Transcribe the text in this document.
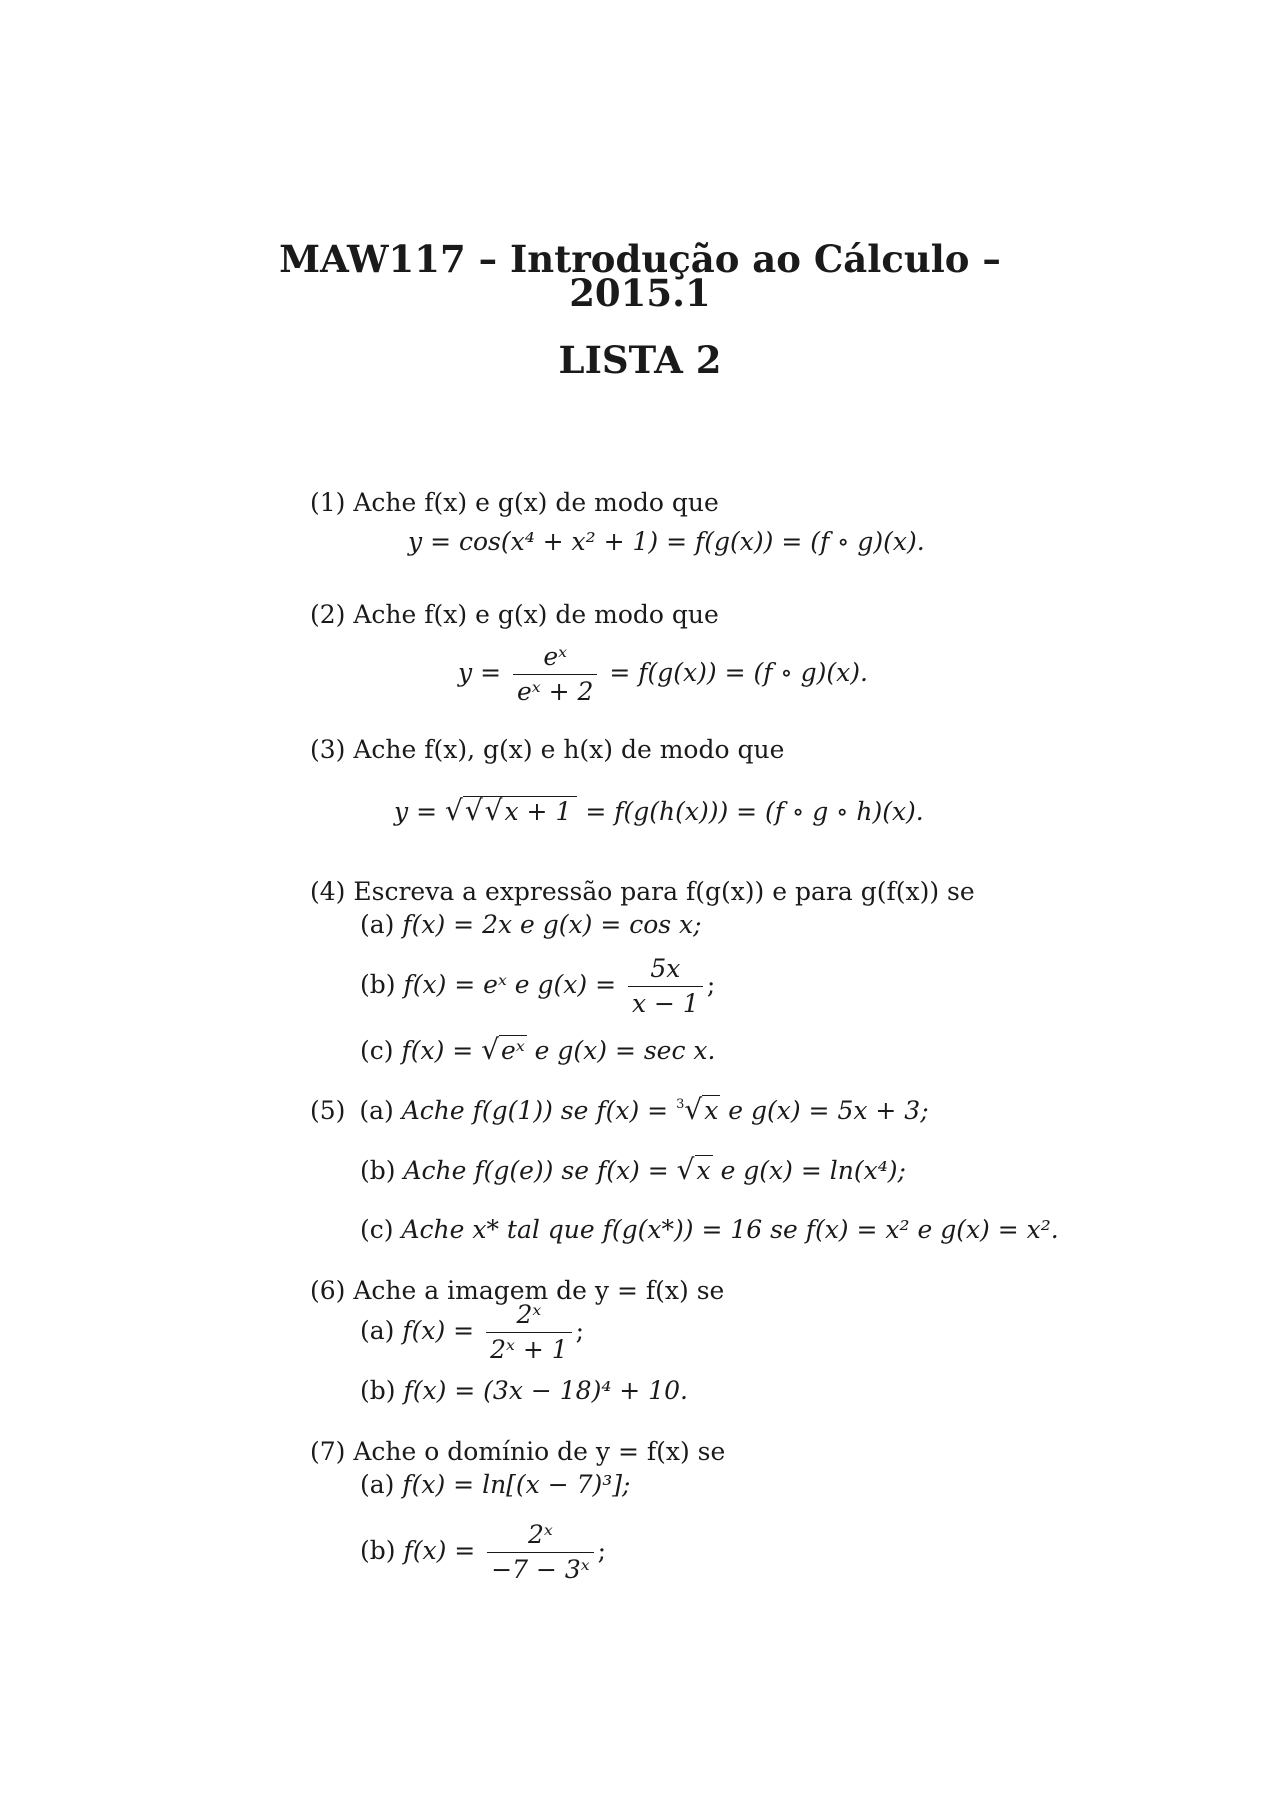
MAW117 – Introdução ao Cálculo –
2015.1
LISTA 2
(1) Ache f(x) e g(x) de modo que
y = cos(x⁴ + x² + 1) = f(g(x)) = (f ∘ g)(x).
(2) Ache f(x) e g(x) de modo que
$y = \frac{\text{eˣ}}{\text{eˣ + 2}} = f(g(x)) = (f$ ∘ g)(x).
(3) Ache f(x), g(x) e h(x) de modo que
y = √√√x + 1 = f(g(h(x))) = (f ∘ g ∘ h)(x).
(4) Escreva a expressão para f(g(x)) e para g(f(x)) se
(a) f(x) = 2x e g(x) = cos x;
(b) f(x) = eˣ e $g(x) = \frac{5x}{x - 1}$ ;
(c) f(x) = √eˣ e g(x) = sec x.
(5) (a) Ache f(g(1)) se f(x) = $^3$√x e g(x) = 5x + 3;
(b) Ache f(g(e)) se f(x) = √x e g(x) = ln(x⁴);
(c) Ache x* tal que f(g(x*)) = 16 se f(x) = x² e g(x) = x².
(6) Ache a imagem de y = f(x) se
(a) $f(x) = \frac{\text{2ˣ}}{\text{2ˣ + 1}}$ ;
(b) f(x) = (3x − 18)⁴ + 10.
(7) Ache o domínio de y = f(x) se
(a) f(x) = ln[(x − 7)³];
(b) $f(x) = \frac{\text{2ˣ}}{\text{−7 − 3ˣ}}$ ;
